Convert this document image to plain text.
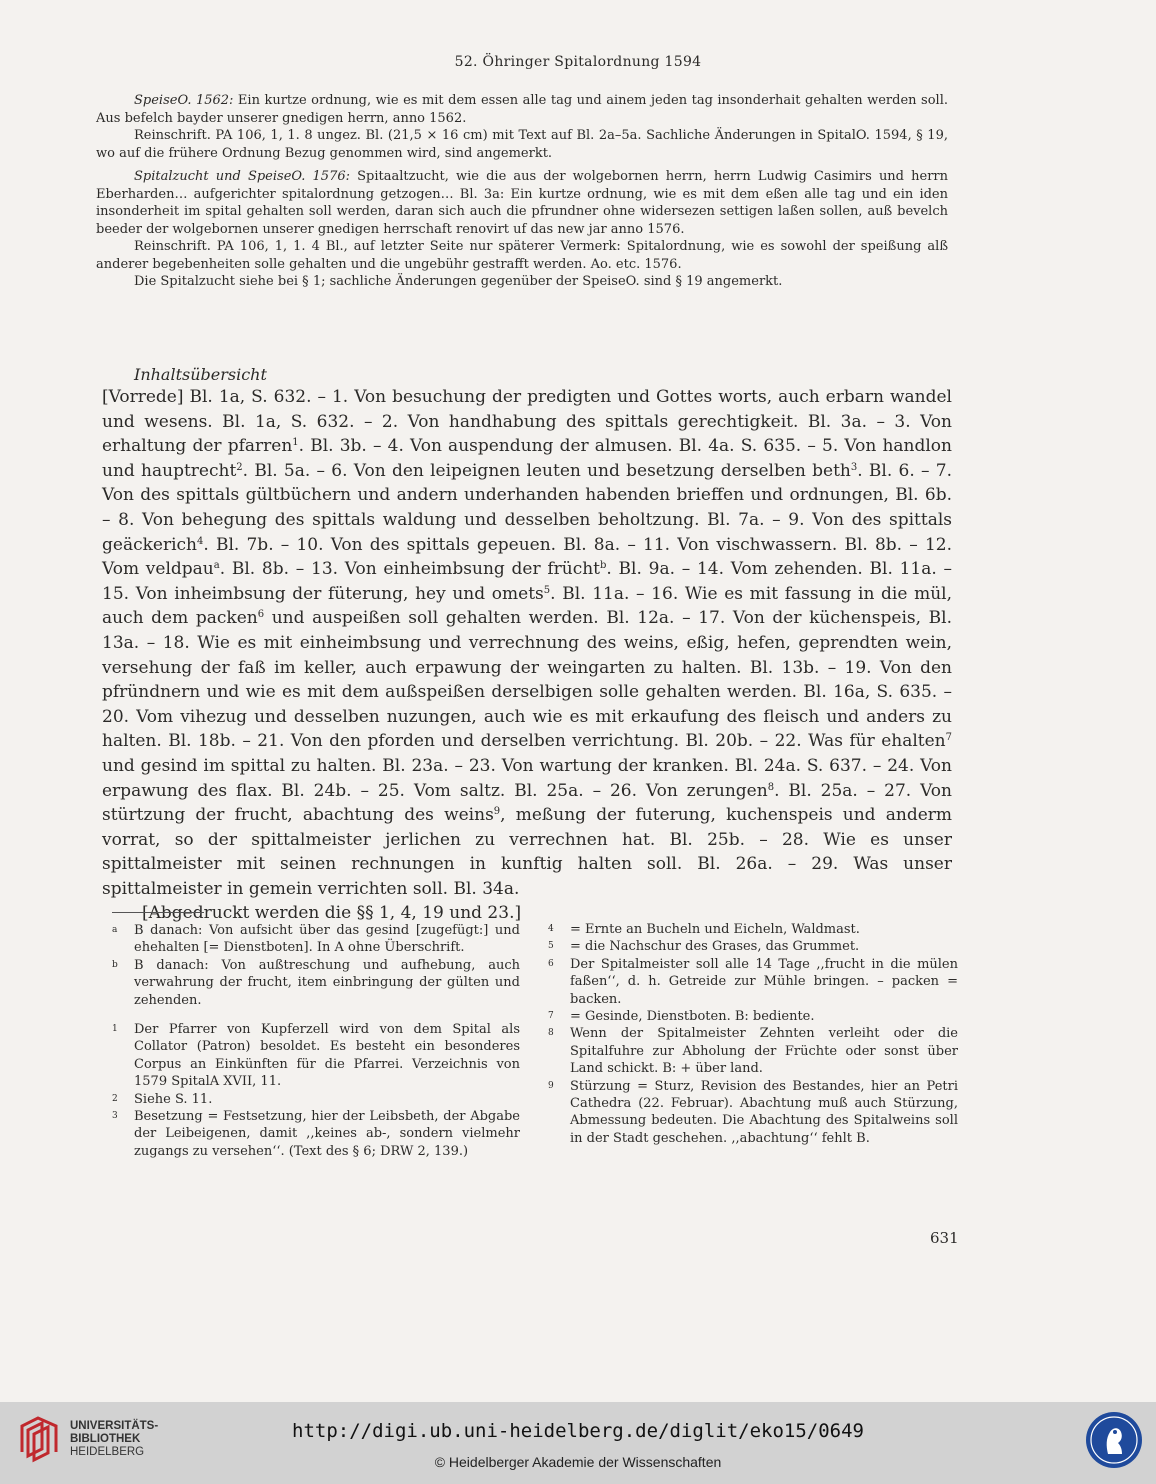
52. Öhringer Spitalordnung 1594

SpeiseO. 1562: Ein kurtze ordnung, wie es mit dem essen alle tag und ainem jeden tag insonderhait gehalten werden soll. Aus befelch bayder unserer gnedigen herrn, anno 1562.

Reinschrift. PA 106, 1, 1. 8 ungez. Bl. (21,5 × 16 cm) mit Text auf Bl. 2a–5a. Sachliche Änderungen in SpitalO. 1594, § 19, wo auf die frühere Ordnung Bezug genommen wird, sind angemerkt.

Spitalzucht und SpeiseO. 1576: Spitaaltzucht, wie die aus der wolgebornen herrn, herrn Ludwig Casimirs und herrn Eberharden… aufgerichter spitalordnung getzogen… Bl. 3a: Ein kurtze ordnung, wie es mit dem eßen alle tag und ein iden insonderheit im spital gehalten soll werden, daran sich auch die pfrundner ohne widersezen settigen laßen sollen, auß bevelch beeder der wolgebornen unserer gnedigen herrschaft renovirt uf das new jar anno 1576.

Reinschrift. PA 106, 1, 1. 4 Bl., auf letzter Seite nur späterer Vermerk: Spitalordnung, wie es sowohl der speißung alß anderer begebenheiten solle gehalten und die ungebühr gestrafft werden. Ao. etc. 1576.

Die Spitalzucht siehe bei § 1; sachliche Änderungen gegenüber der SpeiseO. sind § 19 angemerkt.

Inhaltsübersicht

[Vorrede] Bl. 1a, S. 632. – 1. Von besuchung der predigten und Gottes worts, auch erbarn wandel und wesens. Bl. 1a, S. 632. – 2. Von handhabung des spittals gerechtigkeit. Bl. 3a. – 3. Von erhaltung der pfarren$^1$. Bl. 3b. – 4. Von auspendung der almusen. Bl. 4a. S. 635. – 5. Von handlon und hauptrecht$^2$. Bl. 5a. – 6. Von den leipeignen leuten und besetzung derselben beth$^3$. Bl. 6. – 7. Von des spittals gültbüchern und andern underhanden habenden brieffen und ordnungen, Bl. 6b. – 8. Von behegung des spittals waldung und desselben beholtzung. Bl. 7a. – 9. Von des spittals geäckerich$^4$. Bl. 7b. – 10. Von des spittals gepeuen. Bl. 8a. – 11. Von vischwassern. Bl. 8b. – 12. Vom veldpau$^a$. Bl. 8b. – 13. Von einheimbsung der frücht$^b$. Bl. 9a. – 14. Vom zehenden. Bl. 11a. – 15. Von inheimbsung der füterung, hey und omets$^5$. Bl. 11a. – 16. Wie es mit fassung in die mül, auch dem packen$^6$ und auspeißen soll gehalten werden. Bl. 12a. – 17. Von der küchenspeis, Bl. 13a. – 18. Wie es mit einheimbsung und verrechnung des weins, eßig, hefen, geprendten wein, versehung der faß im keller, auch erpawung der weingarten zu halten. Bl. 13b. – 19. Von den pfründnern und wie es mit dem außspeißen derselbigen solle gehalten werden. Bl. 16a, S. 635. – 20. Vom vihezug und desselben nuzungen, auch wie es mit erkaufung des fleisch und anders zu halten. Bl. 18b. – 21. Von den pforden und derselben verrichtung. Bl. 20b. – 22. Was für ehalten$^7$ und gesind im spittal zu halten. Bl. 23a. – 23. Von wartung der kranken. Bl. 24a. S. 637. – 24. Von erpawung des flax. Bl. 24b. – 25. Vom saltz. Bl. 25a. – 26. Von zerungen$^8$. Bl. 25a. – 27. Von stürtzung der frucht, abachtung des weins$^9$, meßung der futerung, kuchenspeis und anderm vorrat, so der spittalmeister jerlichen zu verrechnen hat. Bl. 25b. – 28. Wie es unser spittalmeister mit seinen rechnungen in kunftig halten soll. Bl. 26a. – 29. Was unser spittalmeister in gemein verrichten soll. Bl. 34a.

[Abgedruckt werden die §§ 1, 4, 19 und 23.]

a B danach: Von aufsicht über das gesind [zugefügt:] und ehehalten [= Dienstboten]. In A ohne Überschrift.

b B danach: Von außtreschung und aufhebung, auch verwahrung der frucht, item einbringung der gülten und zehenden.

1 Der Pfarrer von Kupferzell wird von dem Spital als Collator (Patron) besoldet. Es besteht ein besonderes Corpus an Einkünften für die Pfarrei. Verzeichnis von 1579 SpitalA XVII, 11.

2 Siehe S. 11.

3 Besetzung = Festsetzung, hier der Leibsbeth, der Abgabe der Leibeigenen, damit ,,keines ab-, sondern vielmehr zugangs zu versehen‘‘. (Text des § 6; DRW 2, 139.)

4 = Ernte an Bucheln und Eicheln, Waldmast.

5 = die Nachschur des Grases, das Grummet.

6 Der Spitalmeister soll alle 14 Tage ,,frucht in die mülen faßen‘‘, d. h. Getreide zur Mühle bringen. – packen = backen.

7 = Gesinde, Dienstboten. B: bediente.

8 Wenn der Spitalmeister Zehnten verleiht oder die Spitalfuhre zur Abholung der Früchte oder sonst über Land schickt. B: + über land.

9 Stürzung = Sturz, Revision des Bestandes, hier an Petri Cathedra (22. Februar). Abachtung muß auch Stürzung, Abmessung bedeuten. Die Abachtung des Spitalweins soll in der Stadt geschehen. ,,abachtung‘‘ fehlt B.

631
UNIVERSITÄTS-
BIBLIOTHEK
HEIDELBERG
http://digi.ub.uni-heidelberg.de/diglit/eko15/0649
© Heidelberger Akademie der Wissenschaften
